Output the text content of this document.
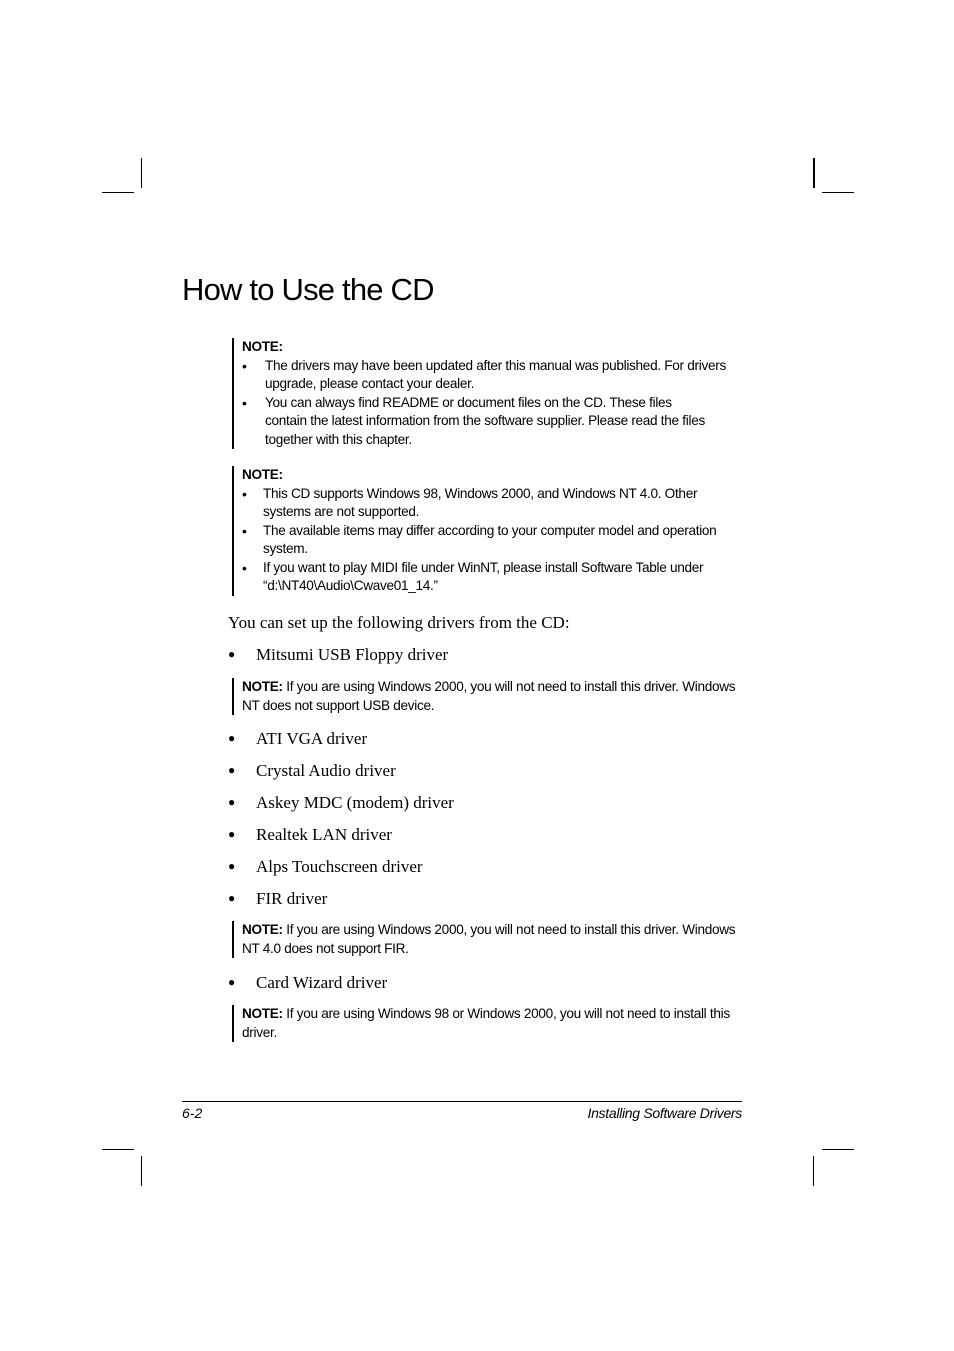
How to Use the CD
NOTE:
• The drivers may have been updated after this manual was published. For drivers upgrade, please contact your dealer.
• You can always find README or document files on the CD. These files contain the latest information from the software supplier. Please read the files together with this chapter.
NOTE:
• This CD supports Windows 98, Windows 2000, and Windows NT 4.0. Other systems are not supported.
• The available items may differ according to your computer model and operation system.
• If you want to play MIDI file under WinNT, please install Software Table under “d:\NT40\Audio\Cwave01_14.”
You can set up the following drivers from the CD:
● Mitsumi USB Floppy driver
NOTE: If you are using Windows 2000, you will not need to install this driver. Windows NT does not support USB device.
● ATI VGA driver
● Crystal Audio driver
● Askey MDC (modem) driver
● Realtek LAN driver
● Alps Touchscreen driver
● FIR driver
NOTE: If you are using Windows 2000, you will not need to install this driver. Windows NT 4.0 does not support FIR.
● Card Wizard driver
NOTE: If you are using Windows 98 or Windows 2000, you will not need to install this driver.
6-2	Installing Software Drivers
